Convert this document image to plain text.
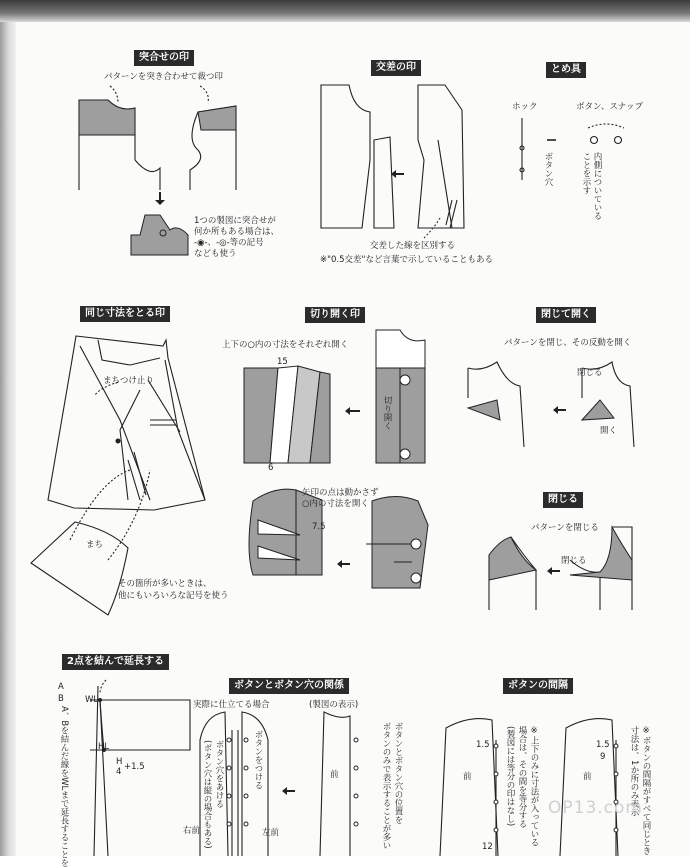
突合せの印
パターンを突き合わせて裁つ印
1つの製図に突合せが
何か所もある場合は、
-◉-、-◎-等の記号
なども使う
交差の印
交差した線を区別する
※"0.5交差"など言葉で示していることもある
とめ具
ホック	ボタン、スナップ
ボタン穴	内側についている
ことを示す
同じ寸法をとる印
まちつけ止り
まち
その箇所が多いときは、
他にもいろいろな記号を使う
切り開く印
上下の○内の寸法をそれぞれ開く
15
6
切り開く
矢印の点は動かさず
○内の寸法を開く
7.5
閉じて開く
パターンを閉じ、その反動を開く
閉じる
開く
閉じる
パターンを閉じる
閉じる
2点を結んで延長する
A
B
A、Bを結んだ線をWLまで延長することを
WL
HL
H
4 +1.5
ボタンとボタン穴の関係
実際に仕立てる場合	(製図の表示)
ボタン穴をあける
(ボタン穴は縦の場合もある)	ボタンをつける
右前	左前
前	ボタンとボタン穴の位置を
ボタンのみで表示することが多い
ボタンの間隔
1.5	1.5
9
12
前	前
※上下のみに寸法が入っている
場合は、その間を等分する
(製図には等分の印はなし)	※ボタンの間隔がすべて同じとき
寸法は、1か所のみ表示
OP13.com
